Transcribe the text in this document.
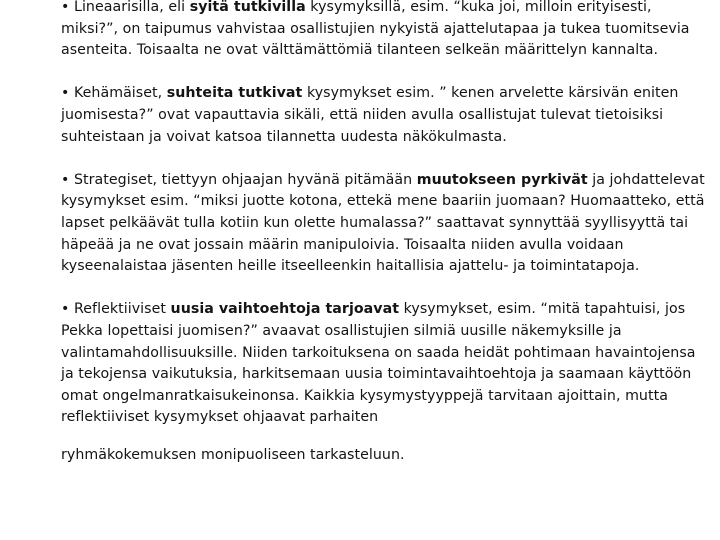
• Lineaarisilla, eli syitä tutkivilla kysymyksillä, esim. “kuka joi, milloin erityisesti, miksi?”, on taipumus vahvistaa osallistujien nykyistä ajattelutapaa ja tukea tuomitsevia asenteita. Toisaalta ne ovat välttämättömiä tilanteen selkeän määrittelyn kannalta.

• Kehämäiset, suhteita tutkivat kysymykset esim. ” kenen arvelette kärsivän eniten juomisesta?” ovat vapauttavia sikäli, että niiden avulla osallistujat tulevat tietoisiksi suhteistaan ja voivat katsoa tilannetta uudesta näkökulmasta.

• Strategiset, tiettyyn ohjaajan hyvänä pitämään muutokseen pyrkivät ja johdattelevat kysymykset esim. “miksi juotte kotona, ettekä mene baariin juomaan? Huomaatteko, että lapset pelkäävät tulla kotiin kun olette humalassa?” saattavat synnyttää syyllisyyttä tai häpeää ja ne ovat jossain määrin manipuloivia. Toisaalta niiden avulla voidaan kyseenalaistaa jäsenten heille itseelleenkin haitallisia ajattelu- ja toimintatapoja.

• Reflektiiviset uusia vaihtoehtoja tarjoavat kysymykset, esim. “mitä tapahtuisi, jos Pekka lopettaisi juomisen?” avaavat osallistujien silmiä uusille näkemyksille ja valintamahdollisuuksille. Niiden tarkoituksena on saada heidät pohtimaan havaintojensa ja tekojensa vaikutuksia, harkitsemaan uusia toimintavaihtoehtoja ja saamaan käyttöön omat ongelmanratkaisukeinonsa. Kaikkia kysymystyyppejä tarvitaan ajoittain, mutta reflektiiviset kysymykset ohjaavat parhaiten

ryhmäkokemuksen monipuoliseen tarkasteluun.
